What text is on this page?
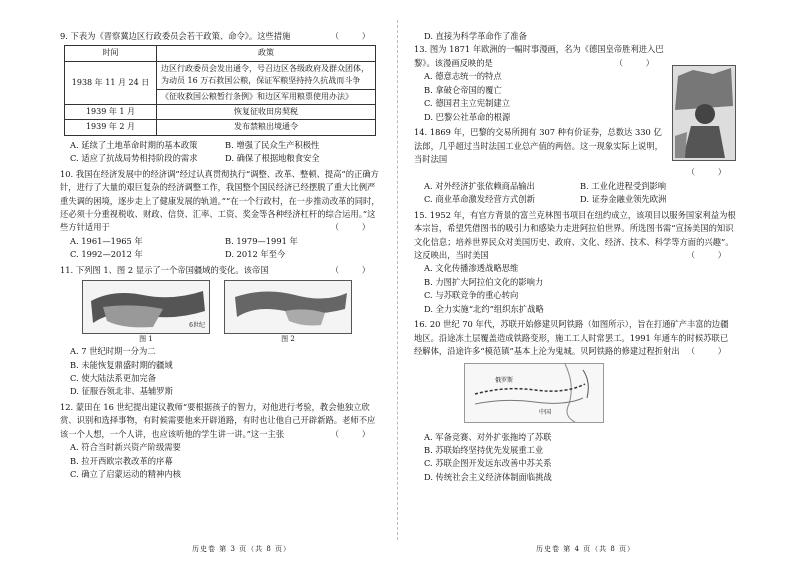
（ ）
9. 下表为《晋察冀边区行政委员会若干政策、命令》。这些措施
时间	政策
1938 年 11 月 24 日	边区行政委员会发出通令，号召边区各级政府及群众团体，为动员 16 万石救国公粮，保证军粮坚持持久抗战而斗争
	《征收救国公粮暂行条例》和边区军用粮票使用办法》
1939 年 1 月	恢复征收田房契税
1939 年 2 月	发布禁粮出境通令
A. 延续了土地革命时期的基本政策	B. 增强了民众生产积极性
C. 适应了抗战局势相持阶段的需求	D. 确保了根据地粮食安全
10. 我国在经济发展中的经济调”经过认真贯彻执行“调整、改革、整顿、提高”的正确方针，进行了大量的艰巨复杂的经济调整工作，我国整个国民经济已经摆脱了重大比例严重失调的困境，逐步走上了健康发展的轨道。”“在一个行政村，在一步推动改革的同时，还必须十分重视税收、财政、信贷、汇率、工资、奖金等各种经济杠杆的综合运用。”这些方针适用于	（ ）
A. 1961—1965 年	B. 1979—1991 年
C. 1992—2012 年	D. 2012 年至今
（ ）
11. 下列图 1、图 2 显示了一个帝国疆域的变化。该帝国
6世纪
图 1	图 2
A. 7 世纪时期一分为二
B. 未能恢复鼎盛时期的疆域
C. 使大陆法系更加完备
D. 征服吞领北非、基辅罗斯
12. 蒙田在 16 世纪提出建议教师“要根据孩子的智力，对他进行考验，教会他独立欣赏、识别和选择事物，有时候需要他来开辟道路，有时也让他自己开辟新路。老师不应该一个人想，一个人讲，也应该听他的学生讲一讲。”这一主张	（ ）
A. 符合当时新兴资产阶级需要
B. 拉开西欧宗教改革的序幕
C. 确立了启蒙运动的精神内核
历史卷 第 3 页（共 8 页）
D. 直接为科学革命作了准备
13. 图为 1871 年欧洲的一幅时事漫画，名为《德国皇帝胜利进入巴黎》。该漫画反映的是	（ ）
A. 德意志统一的特点
B. 拿破仑帝国的覆亡
C. 德国君主立宪制建立
D. 巴黎公社革命的根源
14. 1869 年，巴黎的交易所拥有 307 种有价证券，总数达 330 亿法郎，几乎超过当时法国工业总产值的两倍。这一现象实际上说明，当时法国
（ ）
A. 对外经济扩张依赖商品输出	B. 工业化进程受到影响
C. 商业革命激发经营方式创新	D. 证券金融业领先欧洲
15. 1952 年，有官方背景的富兰克林图书项目在纽约成立，该项目以服务国家利益为根本宗旨，希望凭借图书的吸引力和感染力走进阿拉伯世界。所选图书需“宣扬美国的知识文化信息；培养世界民众对美国历史、政府、文化、经济、技术、科学等方面的兴趣”。这反映出，当时美国	（ ）
A. 文化传播渗透战略思维
B. 力图扩大阿拉伯文化的影响力
C. 与苏联竞争的重心转向
D. 全力实施“北约”组织东扩战略
16. 20 世纪 70 年代，苏联开始修建贝阿铁路（如图所示），旨在打通矿产丰富的边疆地区。沿途冻土层覆盖造成铁路变形，施工工人时常罢工。1991 年通车的时候苏联已经解体，沿途许多“模范镇”基本上沦为鬼城。贝阿铁路的修建过程折射出 （ ）
俄罗斯
中国
A. 军备竞赛、对外扩张拖垮了苏联
B. 苏联始终坚持优先发展重工业
C. 苏联企图开发远东改善中苏关系
D. 传统社会主义经济体制面临挑战
历史卷 第 4 页（共 8 页）
